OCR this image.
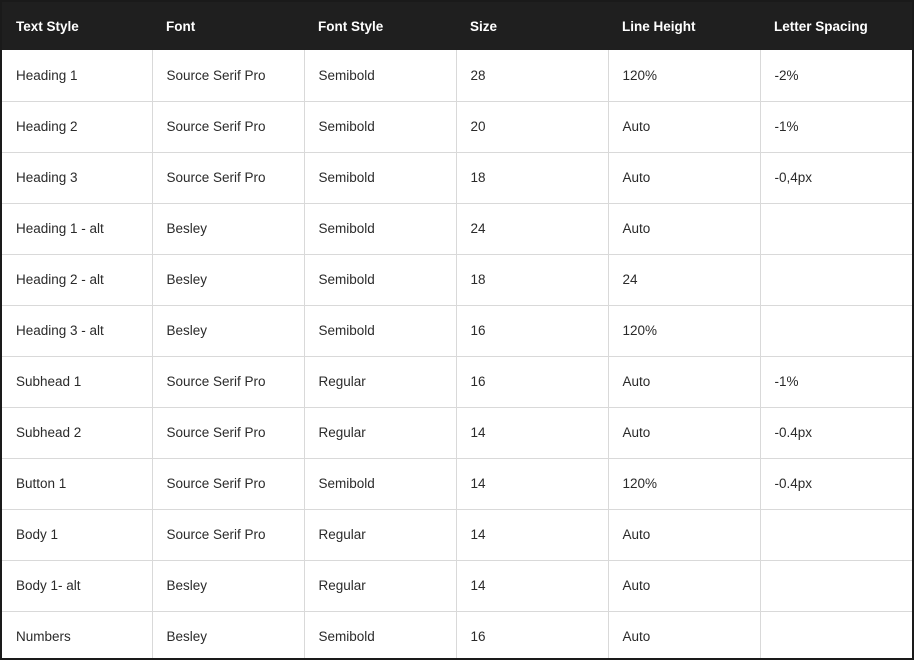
Text Style	Font	Font Style	Size	Line Height	Letter Spacing
Heading 1	Source Serif Pro	Semibold	28	120%	-2%
Heading 2	Source Serif Pro	Semibold	20	Auto	-1%
Heading 3	Source Serif Pro	Semibold	18	Auto	-0,4px
Heading 1 - alt	Besley	Semibold	24	Auto	
Heading 2 - alt	Besley	Semibold	18	24	
Heading 3 - alt	Besley	Semibold	16	120%	
Subhead 1	Source Serif Pro	Regular	16	Auto	-1%
Subhead 2	Source Serif Pro	Regular	14	Auto	-0.4px
Button 1	Source Serif Pro	Semibold	14	120%	-0.4px
Body 1	Source Serif Pro	Regular	14	Auto	
Body 1- alt	Besley	Regular	14	Auto	
Numbers	Besley	Semibold	16	Auto	
